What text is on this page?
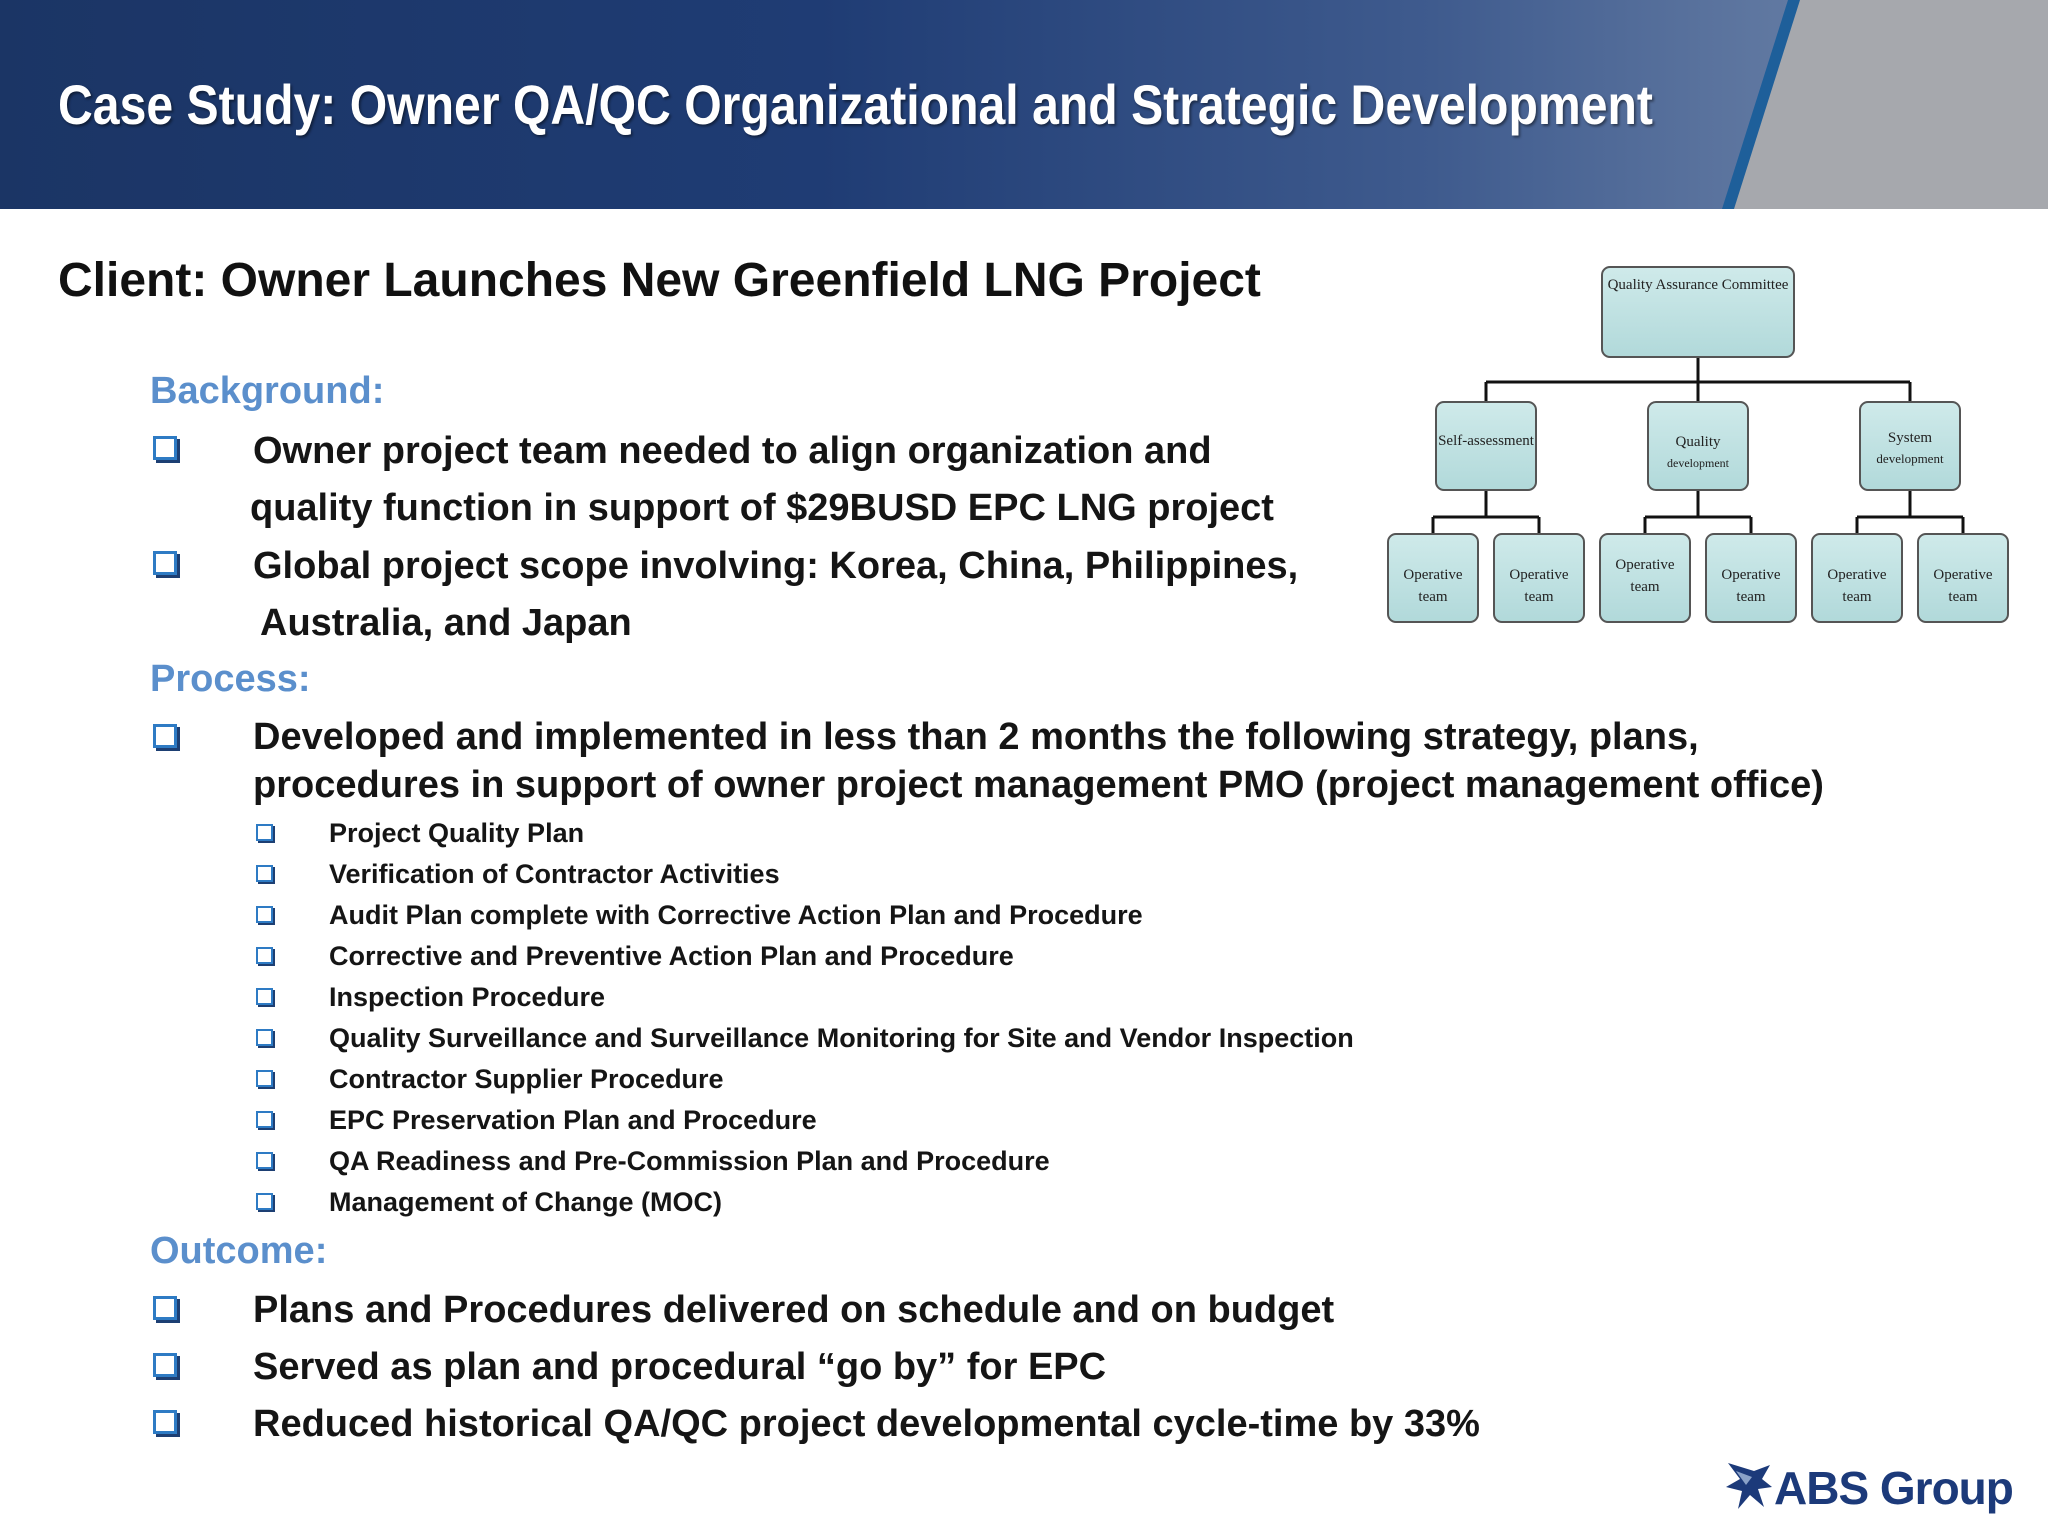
Case Study: Owner QA/QC Organizational and Strategic Development
Client: Owner Launches New Greenfield LNG Project
Background:
Owner project team needed to align organization and
quality function in support of $29BUSD EPC LNG project
Global project scope involving: Korea, China, Philippines,
Australia, and Japan
Process:
Developed and implemented in less than 2 months the following strategy, plans,
procedures in support of owner project management PMO (project management office)
Project Quality Plan
Verification of Contractor Activities
Audit Plan complete with Corrective Action Plan and Procedure
Corrective and Preventive Action Plan and Procedure
Inspection Procedure
Quality Surveillance and Surveillance Monitoring for Site and Vendor Inspection
Contractor Supplier Procedure
EPC Preservation Plan and Procedure
QA Readiness and Pre-Commission Plan and Procedure
Management of Change (MOC)
Outcome:
Plans and Procedures delivered on schedule and on budget
Served as plan and procedural “go by” for EPC
Reduced historical QA/QC project developmental cycle-time by 33%
Quality Assurance Committee
Self-assessment	Quality
development
System
development
Operative
team
Operative
team
Operative
team
Operative
team
Operative
team
Operative
team
ABS Group
